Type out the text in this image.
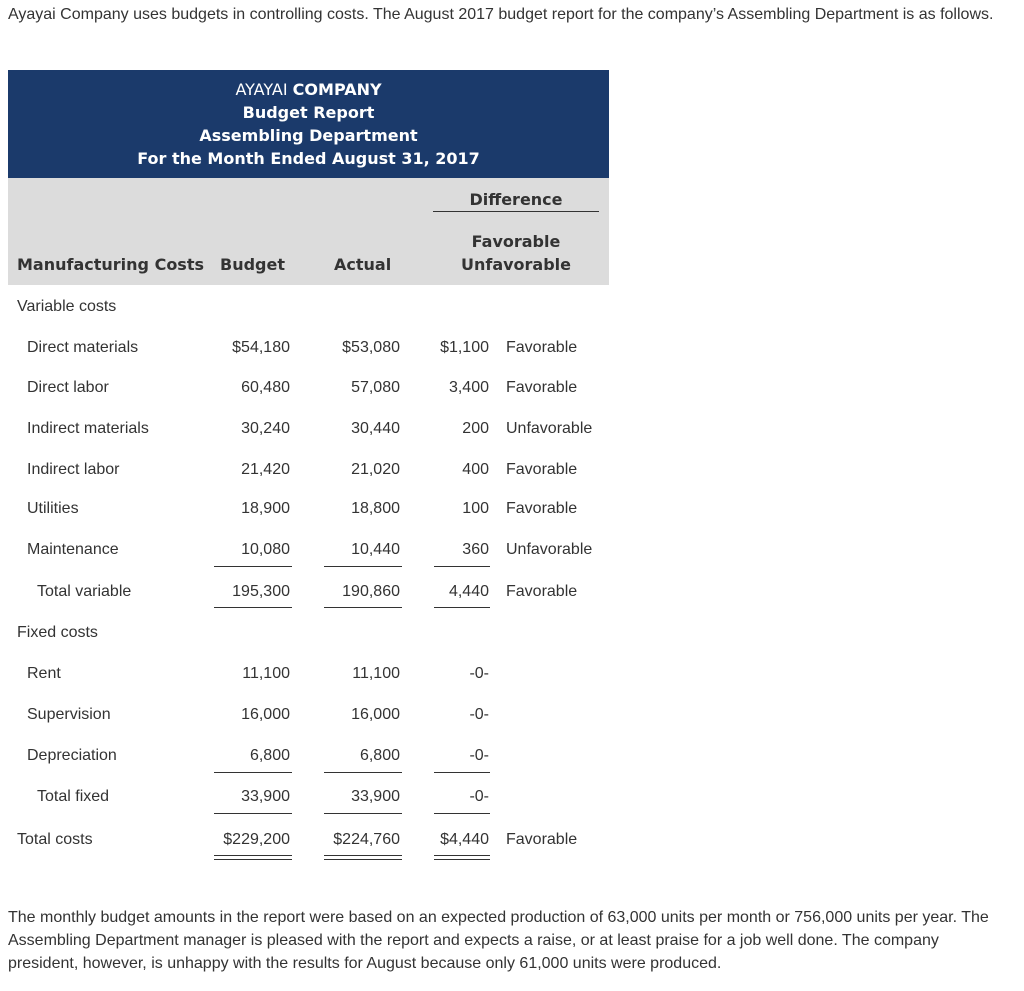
Ayayai Company uses budgets in controlling costs. The August 2017 budget report for the company’s Assembling Department is as follows.
AYAYAI COMPANY
Budget Report
Assembling Department
For the Month Ended August 31, 2017
Difference
Favorable
Unfavorable
Manufacturing Costs Budget	Actual
Variable costs
Direct materials	$54,180	$53,080	$1,100 Favorable
Direct labor	60,480	57,080	3,400 Favorable
Indirect materials	30,240	30,440	200 Unfavorable
Indirect labor	21,420	21,020	400 Favorable
Utilities	18,900	18,800	100 Favorable
Maintenance	10,080	10,440	360 Unfavorable
Total variable	195,300	190,860	4,440 Favorable
Fixed costs
Rent	11,100	11,100	-0-
Supervision	16,000	16,000	-0-
Depreciation	6,800	6,800	-0-
Total fixed	33,900	33,900	-0-
Total costs	$229,200	$224,760	$4,440 Favorable
The monthly budget amounts in the report were based on an expected production of 63,000 units per month or 756,000 units per year. The Assembling Department manager is pleased with the report and expects a raise, or at least praise for a job well done. The company president, however, is unhappy with the results for August because only 61,000 units were produced.
